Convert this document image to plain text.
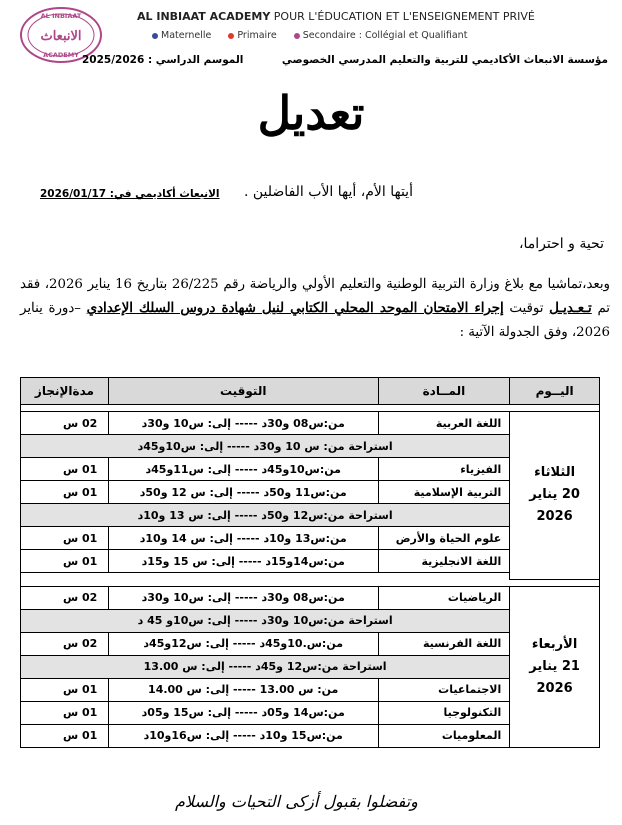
AL INBIAAT
الانبعاث
ACADEMY
AL INBIAAT ACADEMY POUR L'ÉDUCATION ET L'ENSEIGNEMENT PRIVÉ
Maternelle	Primaire	Secondaire : Collégial et Qualifiant
مؤسسة الانبعاث الأكاديمي للتربية والتعليم المدرسي الخصوصي
الموسم الدراسي : 2025/2026
تعديل
أيتها الأم، أيها الأب الفاضلين .
الانبعاث أكاديمي في: 2026/01/17
تحية و احتراما،
وبعد،تماشيا مع بلاغ وزارة التربية الوطنية والتعليم الأولي والرياضة رقم 26/225 بتاريخ 16 يناير 2026، فقد تم تـعـديـل توقيت إجراء الامتحان الموحد المحلي الكتابي لنيل شهادة دروس السلك الإعدادي –دورة يناير 2026، وفق الجدولة الآتية :
اليــوم	المــادة	التوقيت	مدةالإنجاز

الثلاثاء
20 يناير
2026	اللغة العربية	من:س08 و30د ----- إلى: س10 و30د	02 س
	استراحة من: س 10 و30د ----- إلى: س10و45د		
	الفيزياء	من:س10و45د ----- إلى: س11و45د	01 س
	التربية الإسلامية	من:س11 و50د ----- إلى: س 12 و50د	01 س
	استراحة من:س12 و50د ----- إلى: س 13 و10د		
	علوم الحياة والأرض	من:س13 و10د ----- إلى: س 14 و10د	01 س
	اللغة الانجليزية	من:س14و15د ----- إلى: س 15 و15د	01 س

الأربعاء
21 يناير
2026	الرياضيات	من:س08 و30د ----- إلى: س10 و30د	02 س
	استراحة من:س10 و30د ----- إلى: س10و 45 د		
	اللغة الفرنسية	من:س.10و45د ----- إلى: س12و45د	02 س
	استراحة من:س12 و45د ----- إلى: س 13.00		
	الاجتماعيات	من: س 13.00 ----- إلى: س 14.00	01 س
	التكنولوجيا	من:س14 و05د ----- إلى: س15 و05د	01 س
	المعلوميات	من:س15 و10د ----- إلى: س16و10د	01 س
وتفضلوا بقبول أزكى التحيات والسلام
